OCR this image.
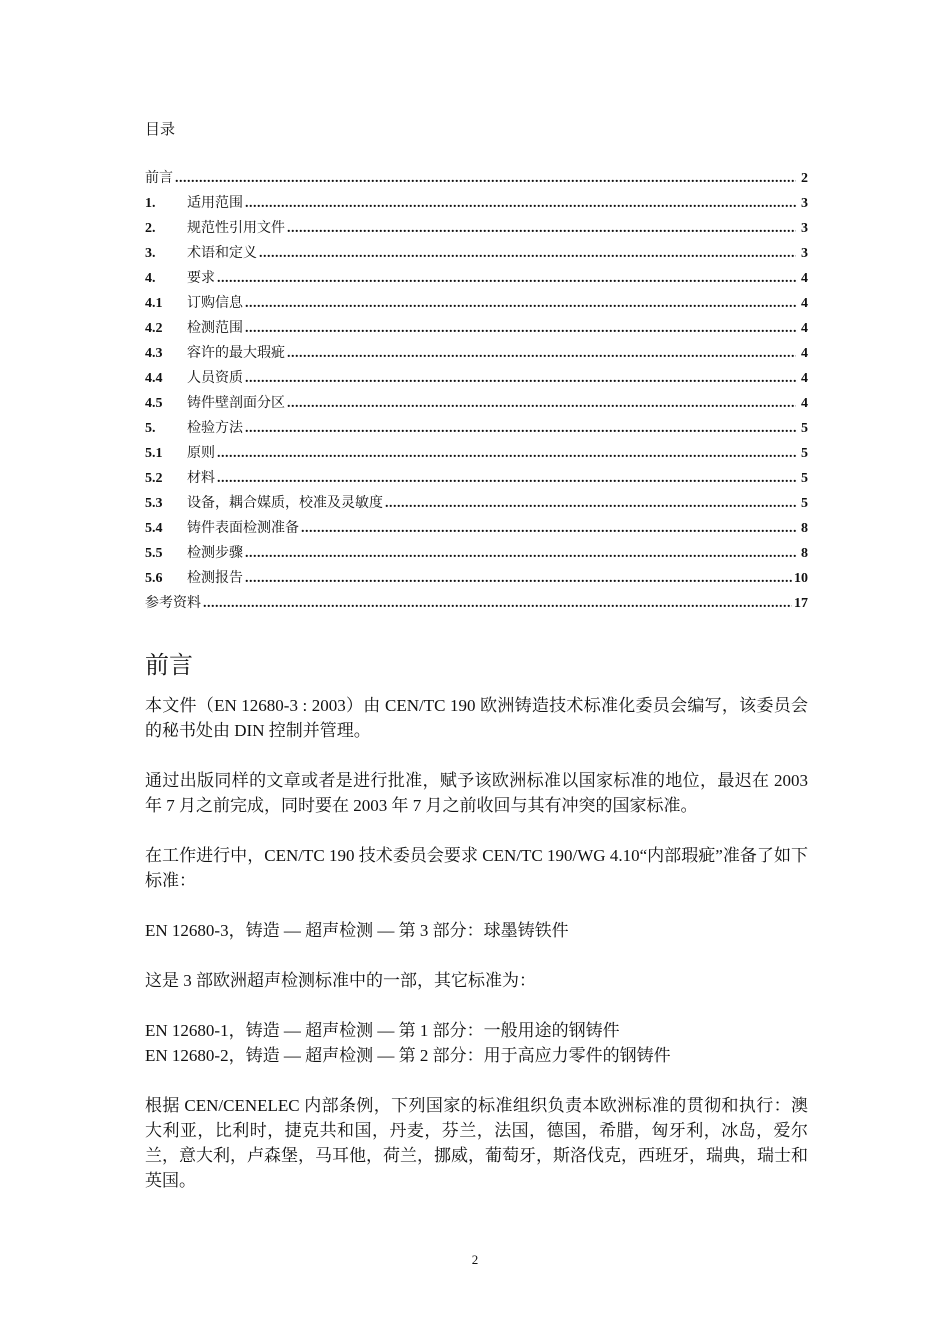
目录
前言 .....	2
1.	适用范围 .....	3
2.	规范性引用文件 .....	3
3.	术语和定义 .....	3
4.	要求 .....	4
4.1	订购信息 .....	4
4.2	检测范围 .....	4
4.3	容许的最大瑕疵 .....	4
4.4	人员资质 .....	4
4.5	铸件壁剖面分区 .....	4
5.	检验方法 .....	5
5.1	原则 .....	5
5.2	材料 .....	5
5.3	设备，耦合媒质，校准及灵敏度 .....	5
5.4	铸件表面检测准备 .....	8
5.5	检测步骤 .....	8
5.6	检测报告 .....	10
参考资料 .....	17
前言

本文件（EN 12680-3 : 2003）由 CEN/TC 190 欧洲铸造技术标准化委员会编写，该委员会的秘书处由 DIN 控制并管理。

通过出版同样的文章或者是进行批准，赋予该欧洲标准以国家标准的地位，最迟在 2003 年 7 月之前完成，同时要在 2003 年 7 月之前收回与其有冲突的国家标准。

在工作进行中，CEN/TC 190 技术委员会要求 CEN/TC 190/WG 4.10“内部瑕疵”准备了如下标准：

EN 12680-3，铸造 — 超声检测 — 第 3 部分：球墨铸铁件

这是 3 部欧洲超声检测标准中的一部，其它标准为：

EN 12680-1，铸造 — 超声检测 — 第 1 部分：一般用途的钢铸件

EN 12680-2，铸造 — 超声检测 — 第 2 部分：用于高应力零件的钢铸件

根据 CEN/CENELEC 内部条例，下列国家的标准组织负责本欧洲标准的贯彻和执行：澳大利亚，比利时，捷克共和国，丹麦，芬兰，法国，德国，希腊，匈牙利，冰岛，爱尔兰，意大利，卢森堡，马耳他，荷兰，挪威，葡萄牙，斯洛伐克，西班牙，瑞典，瑞士和英国。

2
